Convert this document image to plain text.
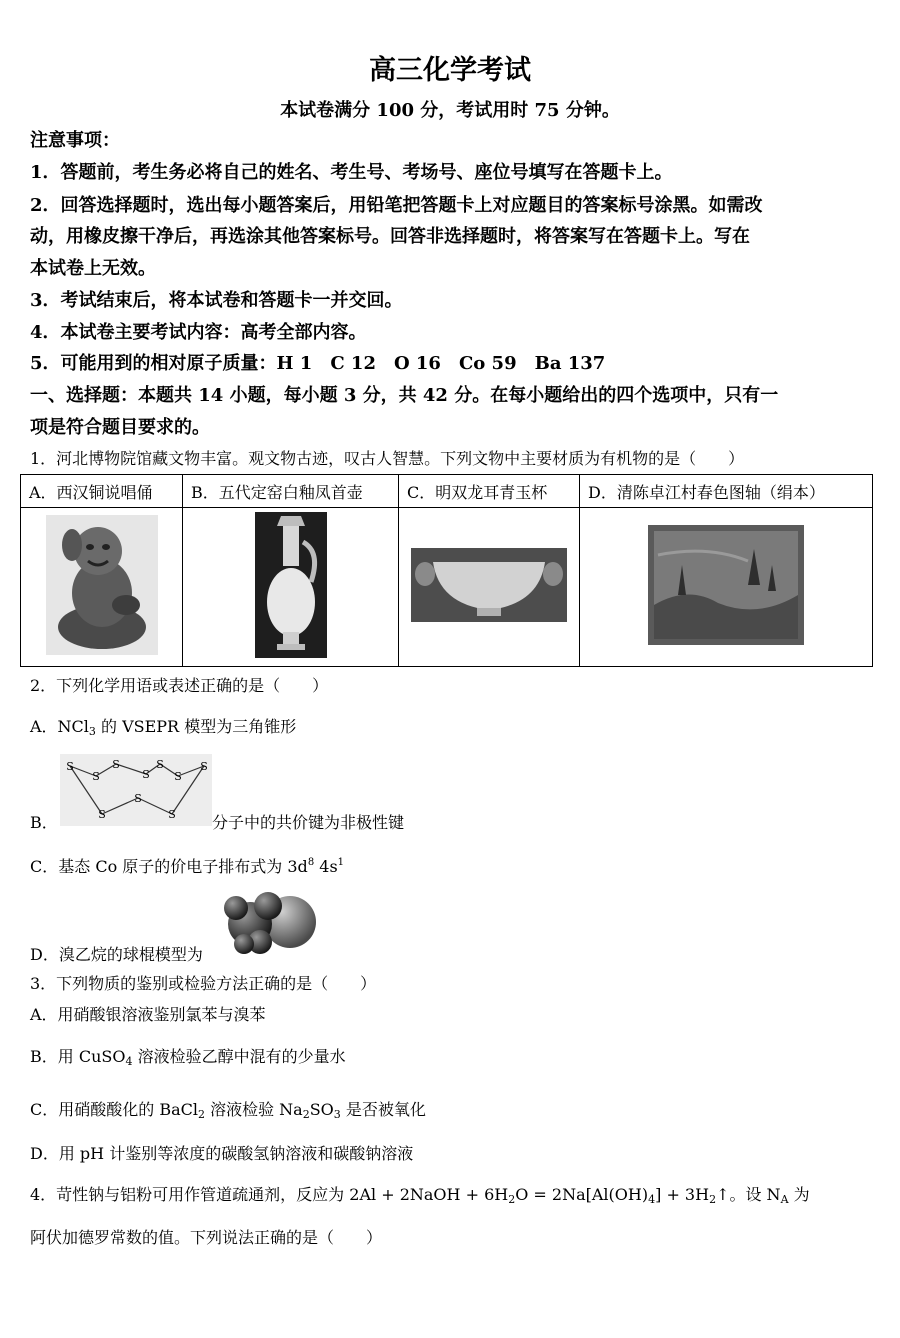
高三化学考试
本试卷满分 100 分，考试用时 75 分钟。
注意事项：
1．答题前，考生务必将自己的姓名、考生号、考场号、座位号填写在答题卡上。
2．回答选择题时，选出每小题答案后，用铅笔把答题卡上对应题目的答案标号涂黑。如需改
动，用橡皮擦干净后，再选涂其他答案标号。回答非选择题时，将答案写在答题卡上。写在
本试卷上无效。
3．考试结束后，将本试卷和答题卡一并交回。
4．本试卷主要考试内容：高考全部内容。
5．可能用到的相对原子质量：H 1　C 12　O 16　Co 59　Ba 137
一、选择题：本题共 14 小题，每小题 3 分，共 42 分。在每小题给出的四个选项中，只有一
项是符合题目要求的。
1．河北博物院馆藏文物丰富。观文物古迹，叹古人智慧。下列文物中主要材质为有机物的是（　　）
A．西汉铜说唱俑	B．五代定窑白釉凤首壶	C．明双龙耳青玉杯	D．清陈卓江村春色图轴（绢本）

2．下列化学用语或表述正确的是（　　）
A．NCl$_3$ 的 VSEPR 模型为三角锥形
S
S
S
S
S
S
S
S
S
S
B．	分子中的共价键为非极性键
C．基态 Co 原子的价电子排布式为 $3d^8$ $4s^1$
D．溴乙烷的球棍模型为
3．下列物质的鉴别或检验方法正确的是（　　）
A．用硝酸银溶液鉴别氯苯与溴苯
B．用 CuSO$_4$ 溶液检验乙醇中混有的少量水
C．用硝酸酸化的 BaCl$_2$ 溶液检验 $Na_2SO_3$ 是否被氧化
D．用 pH 计鉴别等浓度的碳酸氢钠溶液和碳酸钠溶液
4．苛性钠与铝粉可用作管道疏通剂，反应为 2Al + 2NaOH + $6H_2O = 2Na[Al(OH)_4]$ + $3H_2↑$。设 $N_A$ 为
阿伏加德罗常数的值。下列说法正确的是（　　）
